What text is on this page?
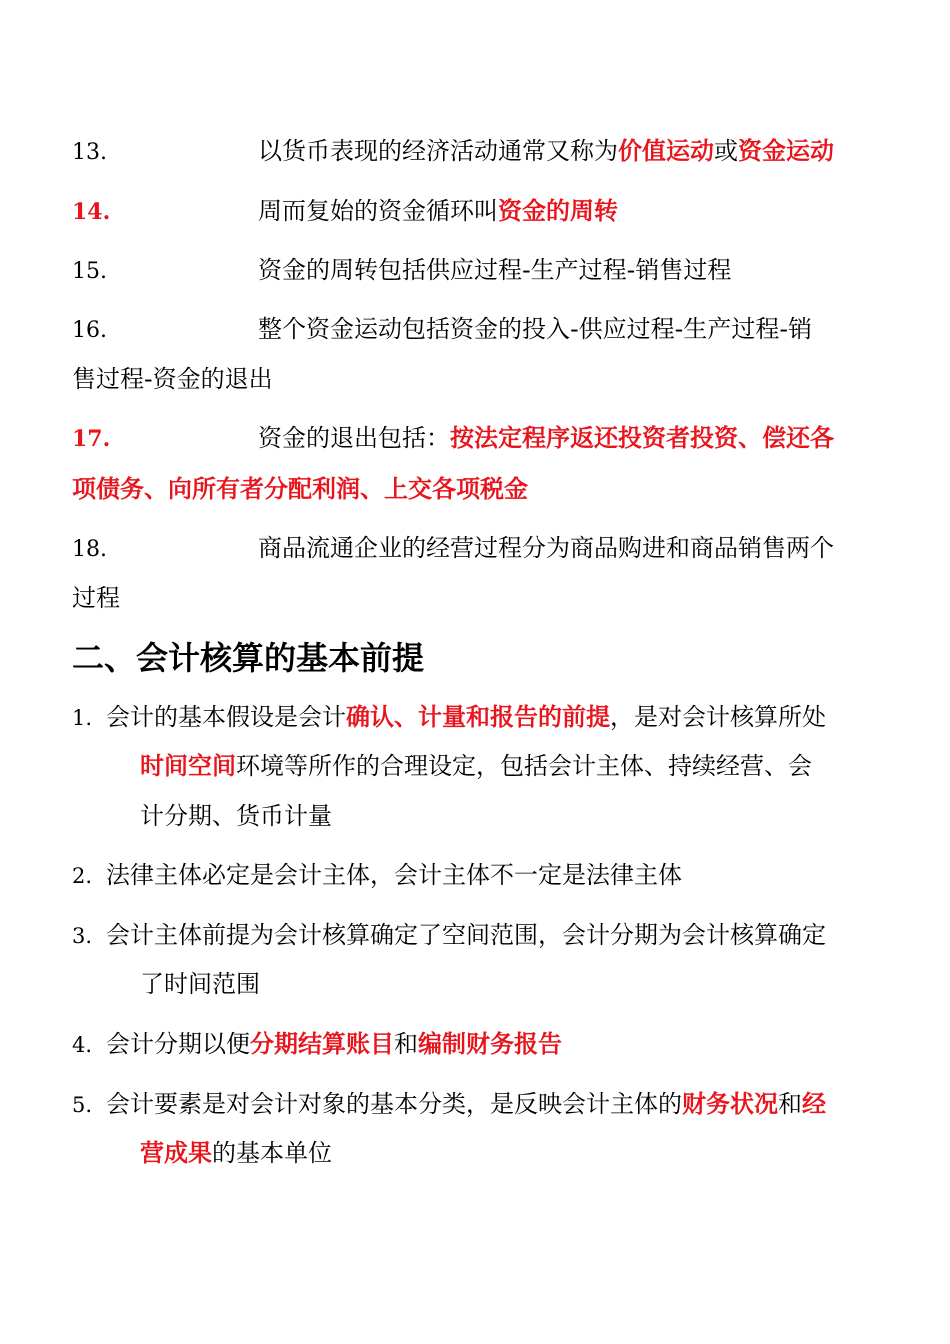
13.	以货币表现的经济活动通常又称为价值运动或资金运动
14.	周而复始的资金循环叫资金的周转
15.	资金的周转包括供应过程-生产过程-销售过程
16.	整个资金运动包括资金的投入-供应过程-生产过程-销
售过程-资金的退出
17.	资金的退出包括：按法定程序返还投资者投资、偿还各
项债务、向所有者分配利润、上交各项税金
18.	商品流通企业的经营过程分为商品购进和商品销售两个
过程
二、会计核算的基本前提
1. 会计的基本假设是会计确认、计量和报告的前提，是对会计核算所处
时间空间环境等所作的合理设定，包括会计主体、持续经营、会
计分期、货币计量
2. 法律主体必定是会计主体，会计主体不一定是法律主体
3. 会计主体前提为会计核算确定了空间范围，会计分期为会计核算确定
了时间范围
4. 会计分期以便分期结算账目和编制财务报告
5. 会计要素是对会计对象的基本分类，是反映会计主体的财务状况和经
营成果的基本单位
